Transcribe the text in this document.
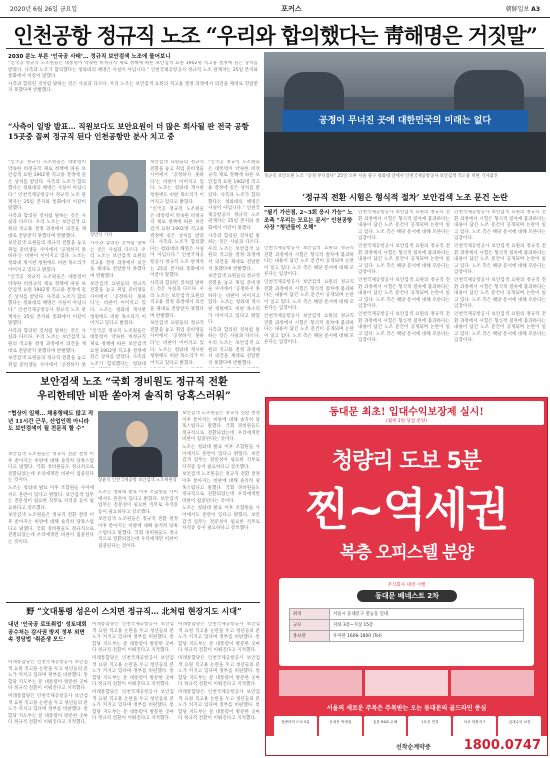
2020년 6월 26일 금요일	포커스	朝鮮일보 A3
인천공항 정규직 노조 “우리와 합의했다는 靑해명은 거짓말”
2030 분노 부른 ‘인국공 사태’… 정규직 보안검색 노조에 물어보니

“인국공 정규직 노조원들은 대통령이 약속한 비정규직 제로 정책에 따른 보안검색 요원 1902명 직고용 결정에 깊은 상처를 받았다. 사측과 노조가 합의했다는 청와대의 해명은 사실이 아닙니다.” 인천국제공항공사 정규직 노조 관계자는 25일 본지와 통화에서 이같이 말했다.

사측과 합의된 것처럼 말하는 것은 사실과 다르다. 우리 노조는 보안검색 요원의 직고용 결정 과정에서 의견을 제대로 전달받지 못했다며 반발했다.

“사측이 일방 발표… 직원보다도 보안요원이 더 많은 회사될 판 전국 공항 15곳중 꼴찌 정규직 된다 인천공항만 분사 치고 중

“인국공 정규직 노조원들은 대통령이 약속한 비정규직 제로 정책에 따른 보안검색 요원 1902명 직고용 결정에 깊은 상처를 받았다. 사측과 노조가 합의했다는 청와대의 해명은 사실이 아닙니다.” 인천국제공항공사 정규직 노조 관계자는 25일 본지와 통화에서 이같이 말했다.

사측과 합의된 것처럼 말하는 것은 사실과 다르다. 우리 노조는 보안검색 요원의 직고용 결정 과정에서 의견을 제대로 전달받지 못했다며 반발했다.

보안검색 요원들의 정규직 전환을 놓고 취업 준비생들 사이에서 ‘공정하지 못하다’는 비판이 이어지고 있다. 노조는 청와대 게시판 청원에도 비판 목소리가 이어지고 있다고 밝혔다.

“인국공 정규직 노조원들은 대통령이 약속한 비정규직 제로 정책에 따른 보안검색 요원 1902명 직고용 결정에 깊은 상처를 받았다. 사측과 노조가 합의했다는 청와대의 해명은 사실이 아닙니다.” 인천국제공항공사 정규직 노조 관계자는 25일 본지와 통화에서 이같이 말했다.

사측과 합의된 것처럼 말하는 것은 사실과 다르다. 우리 노조는 보안검색 요원의 직고용 결정 과정에서 의견을 제대로 전달받지 못했다며 반발했다.

보안검색 요원들의 정규직 전환을 놓고 취업 준비생들 사이에서 ‘공정하지 못

장만석 기자

사측과 합의된 것처럼 말하는 것은 사실과 다르다. 우리 노조는 보안검색 요원의 직고용 결정 과정에서 의견을 제대로 전달받지 못했다며 반발했다.

보안검색 요원들의 정규직 전환을 놓고 취업 준비생들 사이에서 ‘공정하지 못하다’는 비판이 이어지고 있다. 노조는 청와대 게시판 청원에도 비판 목소리가 이어지고 있다고 밝혔다.

“인국공 정규직 노조원들은 대통령이 약속한 비정규직 제로 정책에 따른 보안검색 요원 1902명 직고용 결정에 깊은 상처를 받았다. 사측과 노조가 합의했다는 청와대

보안검색 요원들의 정규직 전환을 놓고 취업 준비생들 사이에서 ‘공정하지 못하다’는 비판이 이어지고 있다. 노조는 청와대 게시판 청원에도 비판 목소리가 이어지고 있다고 밝혔다.

“인국공 정규직 노조원들은 대통령이 약속한 비정규직 제로 정책에 따른 보안검색 요원 1902명 직고용 결정에 깊은 상처를 받았다. 사측과 노조가 합의했다는 청와대의 해명은 사실이 아닙니다.” 인천국제공항공사 정규직 노조 관계자는 25일 본지와 통화에서 이같이 말했다.

사측과 합의된 것처럼 말하는 것은 사실과 다르다. 우리 노조는 보안검색 요원의 직고용 결정 과정에서 의견을 제대로 전달받지 못했다며 반발했다.

보안검색 요원들의 정규직 전환을 놓고 취업 준비생들 사이에서 ‘공정하지 못하다’는 비판이 이어지고 있다. 노조는 청와대 게시판 청원에도 비판 목소리가 이어지고 있다고 밝혔다.

“인국공 정규직 노조원들은 대통령이 약속한 비정규직 제로 정책에 따른 보안검색 요원 1902명 직고용 결정에 깊은 상처를 받았다. 사측과 노조가 합의했다는 청와대의 해명은 사실이 아닙니다.” 인천국제공항공사 정규직 노조 관계자는 25일 본지와 통화에서 이같이 말했다.

사측과 합의된 것처럼 말하는 것은 사실과 다르다. 우리 노조는 보안검색 요원의 직고용 결정 과정에서 의견을 제대로 전달받지 못했다며 반발했다.

보안검색 요원들의 정규직 전환을 놓고 취업 준비생들 사이에서 ‘공정하지 못하다’는 비판이 이어지고 있다. 노조는 청와대 게시판 청원에도 비판 목소리가 이어지고 있다고 밝혔다.

사측과 합의된 것처럼 말하는 것은 사실과 다르다. 우리 노조는 보안검색 요원의 직고용 결정 과정에서 의견을 제대로 전달받지 못했다며 반발했다.

공정이 무너진 곳에 대한민국의 미래는 없다
정규직 보안요원 노조 “공정 무너졌다” 25일 오후 서울 중구 청와대 앞에서 인천국제공항공사 보안검색 직고용 비판 기자회견
‘정규직 전환 시험은 형식적 절차’ 보안검색 노조 문건 논란
“필기 가산점, 2~3회 응시 가능” 노조측 “우리는 모르는 문서” 인천공항 사장 “청년들이 오해”

인천국제공항공사 보안검색 요원의 정규직 전환 과정에서 시험은 형식적 절차에 불과하다는 내용이 담긴 노조 문건이 공개되며 논란이 일고 있다. 노조 측은 해당 문서에 대해 모른다는 입장이다.

인천국제공항공사 보안검색 요원의 정규직 전환 과정에서 시험은 형식적 절차에 불과하다는 내용이 담긴 노조 문건이 공개되며 논란이 일고 있다. 노조 측은 해당 문서에 대해 모른다는 입장이다.

인천국제공항공사 보안검색 요원의 정규직 전환 과정에서 시험은 형식적 절차에 불과하다는 내용이 담긴 노조 문건이 공개되며 논란이 일고 있다. 노조 측은 해당 문서에 대해 모른다는 입장이다.

인천국제공항공사 보안검색 요원의 정규직 전환 과정에서 시험은 형식적 절차에 불과하다는 내용이 담긴 노조 문건이 공개되며 논란이 일고 있다. 노조 측은 해당 문서에 대해 모른다는 입장이다.

인천국제공항공사 보안검색 요원의 정규직 전환 과정에서 시험은 형식적 절차에 불과하다는 내용이 담긴 노조 문건이 공개되며 논란이 일고 있다. 노조 측은 해당 문서에 대해 모른다는 입장이다.

인천국제공항공사 보안검색 요원의 정규직 전환 과정에서 시험은 형식적 절차에 불과하다는 내용이 담긴 노조 문건이 공개되며 논란이 일고 있다. 노조 측은 해당 문서에 대해 모른다는 입장이다.

인천국제공항공사 보안검색 요원의 정규직 전환 과정에서 시험은 형식적 절차에 불과하다는 내용이 담긴 노조 문건이 공개되며 논란이 일고 있다. 노조 측은 해당 문서에 대해 모른다는 입장이다.

인천국제공항공사 보안검색 요원의 정규직 전환 과정에서 시험은 형식적 절차에 불과하다는 내용이 담긴 노조 문건이 공개되며 논란이 일고 있다. 노조 측은 해당 문서에 대해 모른다는 입장이다.

인천국제공항공사 보안검색 요원의 정규직 전환 과정에서 시험은 형식적 절차에 불과하다는 내용이 담긴 노조 문건이 공개되며 논란이 일고 있다. 노조 측은 해당 문서에 대해 모른다는 입장이다.

인천국제공항공사 보안검색 요원의 정규직 전환 과정에서 시험은 형식적 절차에 불과하다는 내용이 담긴 노조 문건이 공개되며 논란이 일고 있다. 노조 측은 해당 문서에 대해 모른다는 입장이다.

인천국제공항공사 보안검색 요원의 정규직 전환 과정에서 시험은 형식적 절차에 불과하다는 내용이 담긴 노조 문건이 공개되며 논란이 일고 있다. 노조 측은 해당 문서에 대해 모른다는 입장이다.

보안검색 노조 “국회 경비원도 정규직 전환
우리한테만 비판 쏟아져 솔직히 당혹스러워”
“협상이 일해… 채용형태도 많고 작년 11시간 근무, 산업인력 아니라도 보안검색이 될 전문직 할 수”

보안검색 노조원들은 정규직 전환 결정 이후 쏟아지는 비판에 대해 솔직히 당혹스럽다고 말했다. 국회 경비원들도 정규직으로 전환되었는데 우리에게만 비판이 집중된다는 것이다.

노조는 청와대 발표 이후 조합원들 사이에서도 혼란이 있다고 밝혔다. 보안검색 업무는 전문성이 필요한 직무로 자격증 등이 필요하다고 강조했다.

보안검색 노조원들은 정규직 전환 결정 이후 쏟아지는 비판에 대해 솔직히 당혹스럽다고 말했다. 국회 경비원들도 정규직으로 전환되었는데 우리에게만 비판이 집중된다는 것이다.

장윤석 인천국제공항 보안검색 노조위원장

노조는 청와대 발표 이후 조합원들 사이에서도 혼란이 있다고 밝혔다. 보안검색 업무는 전문성이 필요한 직무로 자격증 등이 필요하다고 강조했다.

보안검색 노조원들은 정규직 전환 결정 이후 쏟아지는 비판에 대해 솔직히 당혹스럽다고 말했다. 국회 경비원들도 정규직으로 전환되었는데 우리에게만 비판이 집중된다는 것이다.

보안검색 노조원들은 정규직 전환 결정 이후 쏟아지는 비판에 대해 솔직히 당혹스럽다고 말했다. 국회 경비원들도 정규직으로 전환되었는데 우리에게만 비판이 집중된다는 것이다.

노조는 청와대 발표 이후 조합원들 사이에서도 혼란이 있다고 밝혔다. 보안검색 업무는 전문성이 필요한 직무로 자격증 등이 필요하다고 강조했다.

보안검색 노조원들은 정규직 전환 결정 이후 쏟아지는 비판에 대해 솔직히 당혹스럽다고 말했다. 국회 경비원들도 정규직으로 전환되었는데 우리에게만 비판이 집중된다는 것이다.

노조는 청와대 발표 이후 조합원들 사이에서도 혼란이 있다고 밝혔다. 보안검색 업무는 전문성이 필요한 직무로 자격증 등이 필요하다고 강조했다.

野 “文대통령 성은이 스치면 정규직… 北처럼 현장지도 시대”
내년 ‘인국공 로또취업’ 성토대회 공수처는 감사권 방지 정부 외면 속 정당법 ‘취준생 모드’

미래통합당은 인천국제공항공사 보안검색 요원 직고용 논란을 두고 청년들의 분노가 커지고 있다며 정부를 비판했다. 통합당 지도부는 문 대통령이 방문한 곳마다 정규직 전환이 이뤄진다고 지적했다.

미래통합당은 인천국제공항공사 보안검색 요원 직고용 논란을 두고 청년들의 분노가 커지고 있다며 정부를 비판했다. 통합당 지도부는 문 대통령이 방문한 곳마다 정규직 전환이 이뤄진다고 지적했다.

미래통합당은 인천국제공항공사 보안검색 요원 직고용 논란을 두고 청년들의 분노가 커지고 있다며 정부를 비판했다. 통합당 지도부는 문 대통령이 방문한 곳마다 정규직 전환이 이뤄진다고 지적했다.

미래통합당은 인천국제공항공사 보안검색 요원 직고용 논란을 두고 청년들의 분노가 커지고 있다며 정부를 비판했다. 통합당 지도부는 문 대통령이 방문한 곳마다 정규직 전환이 이뤄진다고 지적했다.

미래통합당은 인천국제공항공사 보안검색 요원 직고용 논란을 두고 청년들의 분노가 커지고 있다며 정부를 비판했다. 통합당 지도부는 문 대통령이 방문한 곳마다 정규직 전환이 이뤄진다고 지적했다.

미래통합당은 인천국제공항공사 보안검색 요원 직고용 논란을 두고 청년들의 분노가 커지고 있다며 정부를 비판했다. 통합당 지도부는 문 대통령이 방문한 곳마다 정규직 전환이 이뤄진다고 지적했다.

미래통합당은 인천국제공항공사 보안검색 요원 직고용 논란을 두고 청년들의 분노가 커지고 있다며 정부를 비판했다. 통합당 지도부는 문 대통령이 방문한 곳마다 정규직 전환이 이뤄진다고 지적했다.

미래통합당은 인천국제공항공사 보안검색 요원 직고용 논란을 두고 청년들의 분노가 커지고 있다며 정부를 비판했다. 통합당 지도부는 문 대통령이 방문한 곳마다 정규직 전환이 이뤄진다고 지적했다.

동대문 최초! 입대수익보장제 실시!
(월세 1원 당첨 분양)
청량리 도보 5분
찐~역세권
복층 오피스텔 분양
주식회사 세영 시행
동대문 베네스트 2차
위치	서울시 동대문구 전농동 일대
규모	지하 3층~지상 15층
홍보관	우미관 1606-1800 (Tel)
서울의 새로운 주목은 주목받는 오는 동대문의 골드라인 중심
청량리역 도보 5분	동대문 역세권	홍릉 R&D 수혜	1호선 연결	의료 복합지구	입대수익 보장
선착순계약중	1800.0747
